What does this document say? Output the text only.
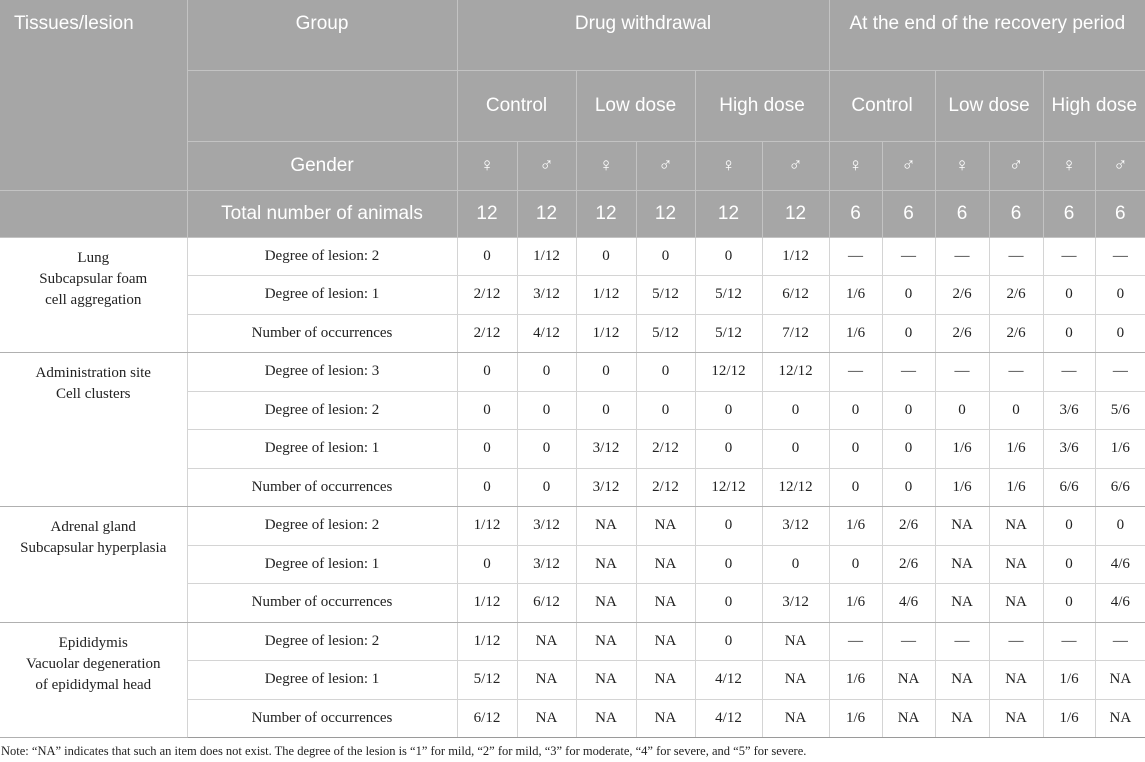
Tissues/lesion	Group	Drug withdrawal						At the end of the recovery period					
		Control		Low dose		High dose		Control		Low dose		High dose	
	Gender	♀	♂	♀	♂	♀	♂	♀	♂	♀	♂	♀	♂
	Total number of animals	12	12	12	12	12	12	6	6	6	6	6	6

Lung
Subcapsular foam
cell aggregation	Degree of lesion: 2	0	1/12	0	0	0	1/12	—	—	—	—	—	—
	Degree of lesion: 1	2/12	3/12	1/12	5/12	5/12	6/12	1/6	0	2/6	2/6	0	0
	Number of occurrences	2/12	4/12	1/12	5/12	5/12	7/12	1/6	0	2/6	2/6	0	0

Administration site
Cell clusters	Degree of lesion: 3	0	0	0	0	12/12	12/12	—	—	—	—	—	—
	Degree of lesion: 2	0	0	0	0	0	0	0	0	0	0	3/6	5/6
	Degree of lesion: 1	0	0	3/12	2/12	0	0	0	0	1/6	1/6	3/6	1/6
	Number of occurrences	0	0	3/12	2/12	12/12	12/12	0	0	1/6	1/6	6/6	6/6

Adrenal gland
Subcapsular hyperplasia	Degree of lesion: 2	1/12	3/12	NA	NA	0	3/12	1/6	2/6	NA	NA	0	0
	Degree of lesion: 1	0	3/12	NA	NA	0	0	0	2/6	NA	NA	0	4/6
	Number of occurrences	1/12	6/12	NA	NA	0	3/12	1/6	4/6	NA	NA	0	4/6

Epididymis
Vacuolar degeneration
of epididymal head	Degree of lesion: 2	1/12	NA	NA	NA	0	NA	—	—	—	—	—	—
	Degree of lesion: 1	5/12	NA	NA	NA	4/12	NA	1/6	NA	NA	NA	1/6	NA
	Number of occurrences	6/12	NA	NA	NA	4/12	NA	1/6	NA	NA	NA	1/6	NA
Note: “NA” indicates that such an item does not exist. The degree of the lesion is “1” for mild, “2” for mild, “3” for moderate, “4” for severe, and “5” for severe.
